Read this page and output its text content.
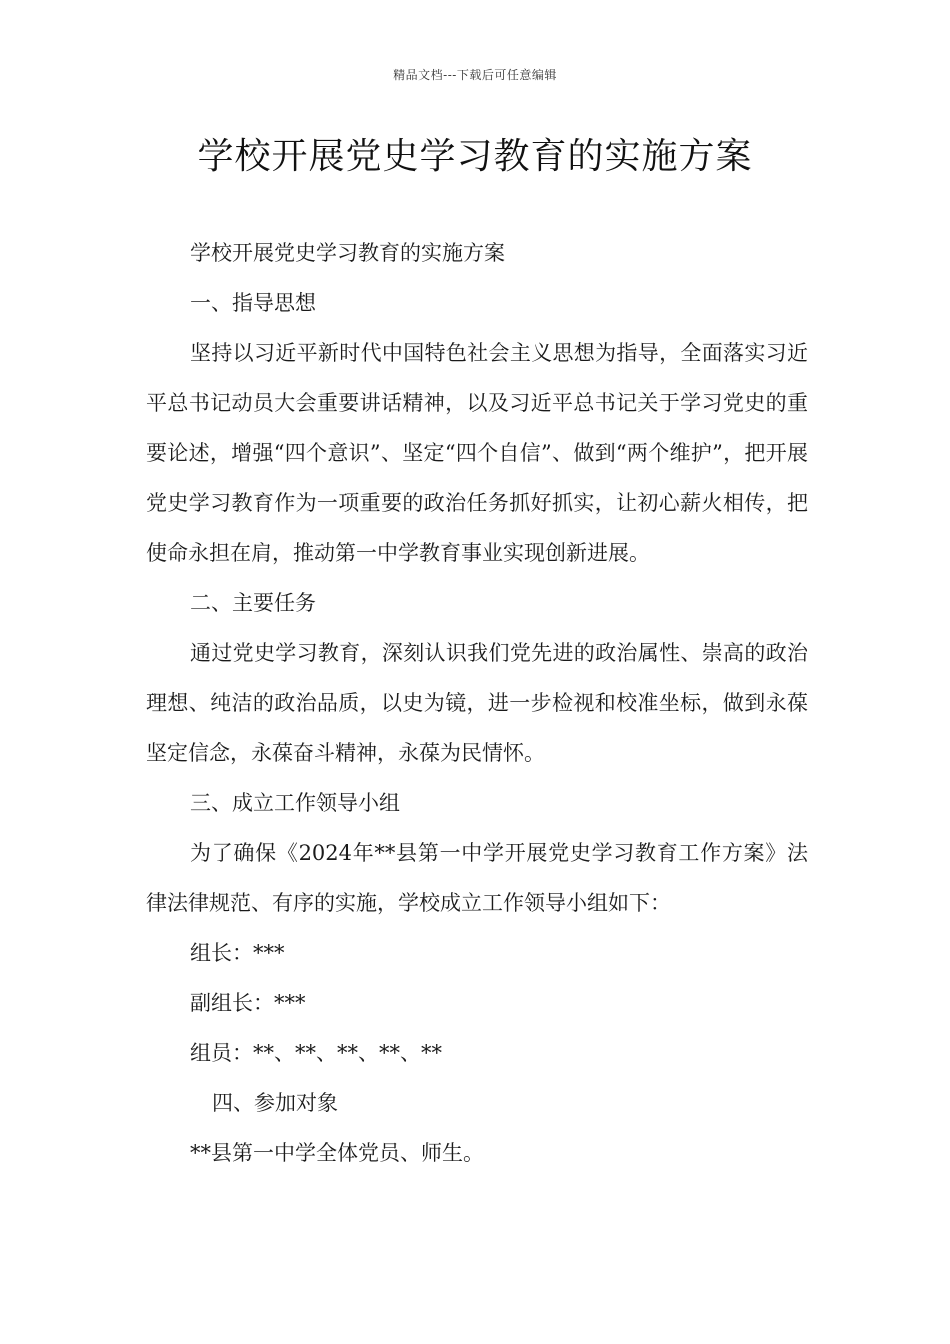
精品文档---下载后可任意编辑
学校开展党史学习教育的实施方案

学校开展党史学习教育的实施方案

一、指导思想

坚持以习近平新时代中国特色社会主义思想为指导，全面落实习近平总书记动员大会重要讲话精神，以及习近平总书记关于学习党史的重要论述，增强“四个意识”、坚定“四个自信”、做到“两个维护”，把开展党史学习教育作为一项重要的政治任务抓好抓实，让初心薪火相传，把使命永担在肩，推动第一中学教育事业实现创新进展。

二、主要任务

通过党史学习教育，深刻认识我们党先进的政治属性、崇高的政治理想、纯洁的政治品质，以史为镜，进一步检视和校准坐标，做到永葆坚定信念，永葆奋斗精神，永葆为民情怀。

三、成立工作领导小组

为了确保《2024年**县第一中学开展党史学习教育工作方案》法律法律规范、有序的实施，学校成立工作领导小组如下：

组长：***

副组长：***

组员：**、**、**、**、**

四、参加对象

**县第一中学全体党员、师生。
